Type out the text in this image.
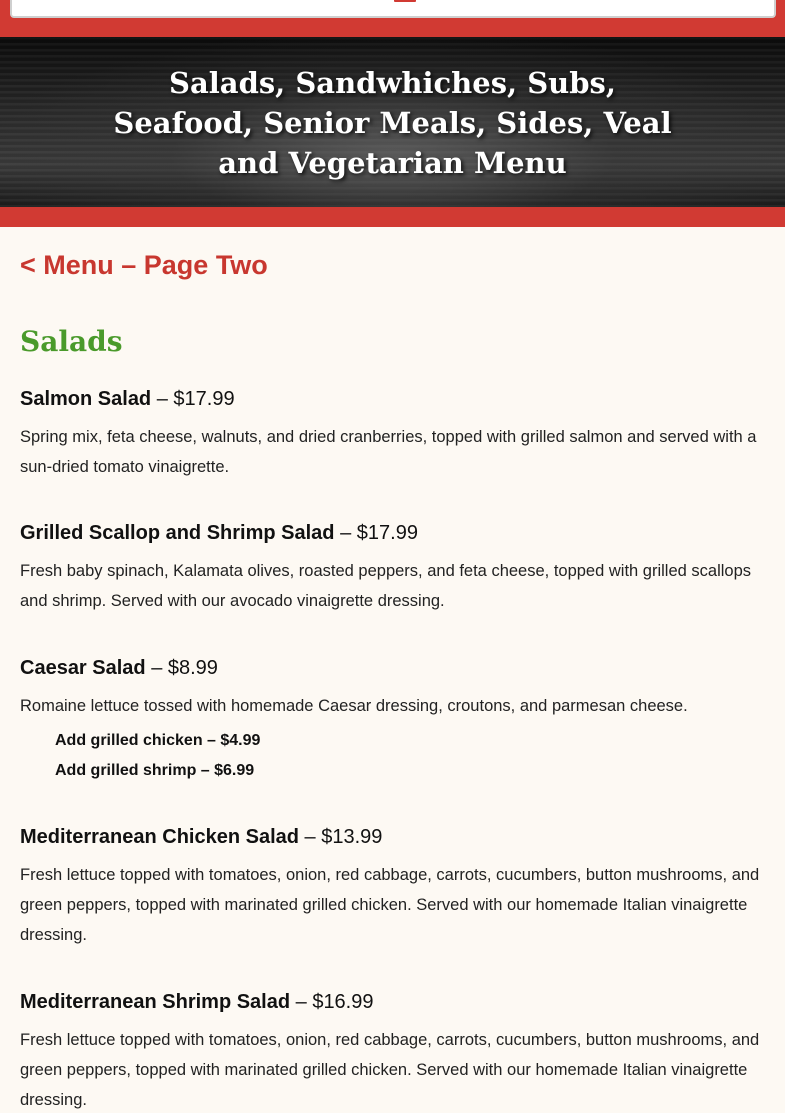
Salads, Sandwhiches, Subs, Seafood, Senior Meals, Sides, Veal and Vegetarian Menu
< Menu – Page Two
Salads
Salmon Salad – $17.99

Spring mix, feta cheese, walnuts, and dried cranberries, topped with grilled salmon and served with a sun-dried tomato vinaigrette.

Grilled Scallop and Shrimp Salad – $17.99

Fresh baby spinach, Kalamata olives, roasted peppers, and feta cheese, topped with grilled scallops and shrimp. Served with our avocado vinaigrette dressing.

Caesar Salad – $8.99

Romaine lettuce tossed with homemade Caesar dressing, croutons, and parmesan cheese.

Add grilled chicken – $4.99
Add grilled shrimp – $6.99
Mediterranean Chicken Salad – $13.99

Fresh lettuce topped with tomatoes, onion, red cabbage, carrots, cucumbers, button mushrooms, and green peppers, topped with marinated grilled chicken. Served with our homemade Italian vinaigrette dressing.

Mediterranean Shrimp Salad – $16.99

Fresh lettuce topped with tomatoes, onion, red cabbage, carrots, cucumbers, button mushrooms, and green peppers, topped with marinated grilled chicken. Served with our homemade Italian vinaigrette dressing.
